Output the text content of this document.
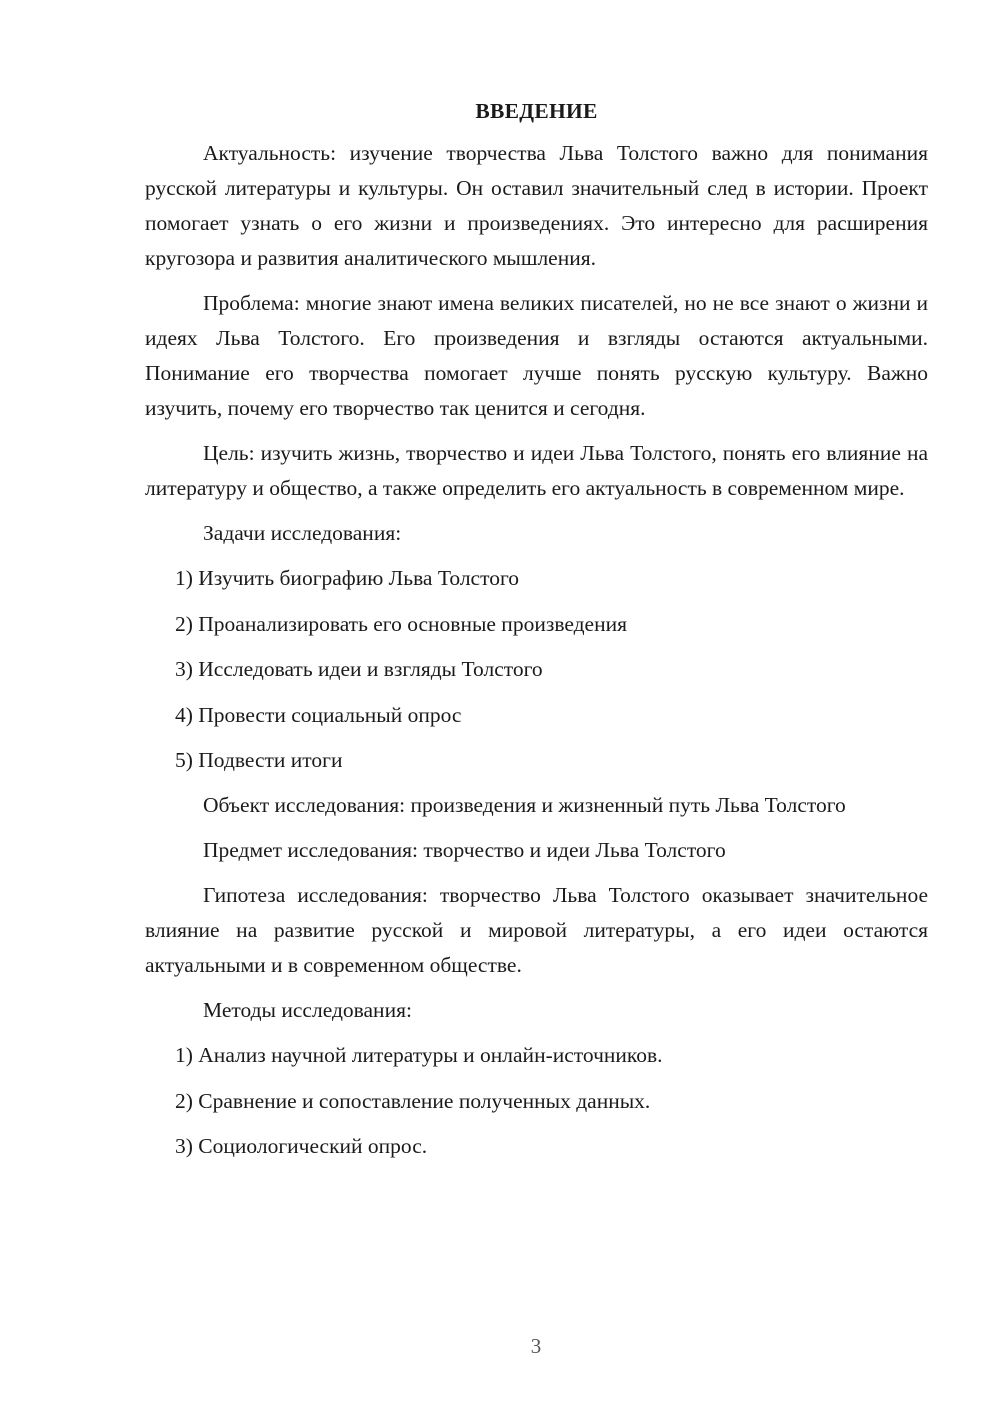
ВВЕДЕНИЕ

Актуальность: изучение творчества Льва Толстого важно для понимания русской литературы и культуры. Он оставил значительный след в истории. Проект помогает узнать о его жизни и произведениях. Это интересно для расширения кругозора и развития аналитического мышления.

Проблема: многие знают имена великих писателей, но не все знают о жизни и идеях Льва Толстого. Его произведения и взгляды остаются актуальными. Понимание его творчества помогает лучше понять русскую культуру. Важно изучить, почему его творчество так ценится и сегодня.

Цель: изучить жизнь, творчество и идеи Льва Толстого, понять его влияние на литературу и общество, а также определить его актуальность в современном мире.

Задачи исследования:
1) Изучить биографию Льва Толстого
2) Проанализировать его основные произведения
3) Исследовать идеи и взгляды Толстого
4) Провести социальный опрос
5) Подвести итоги

Объект исследования: произведения и жизненный путь Льва Толстого

Предмет исследования: творчество и идеи Льва Толстого

Гипотеза исследования: творчество Льва Толстого оказывает значительное влияние на развитие русской и мировой литературы, а его идеи остаются актуальными и в современном обществе.

Методы исследования:
1) Анализ научной литературы и онлайн-источников.
2) Сравнение и сопоставление полученных данных.
3) Социологический опрос.
3
